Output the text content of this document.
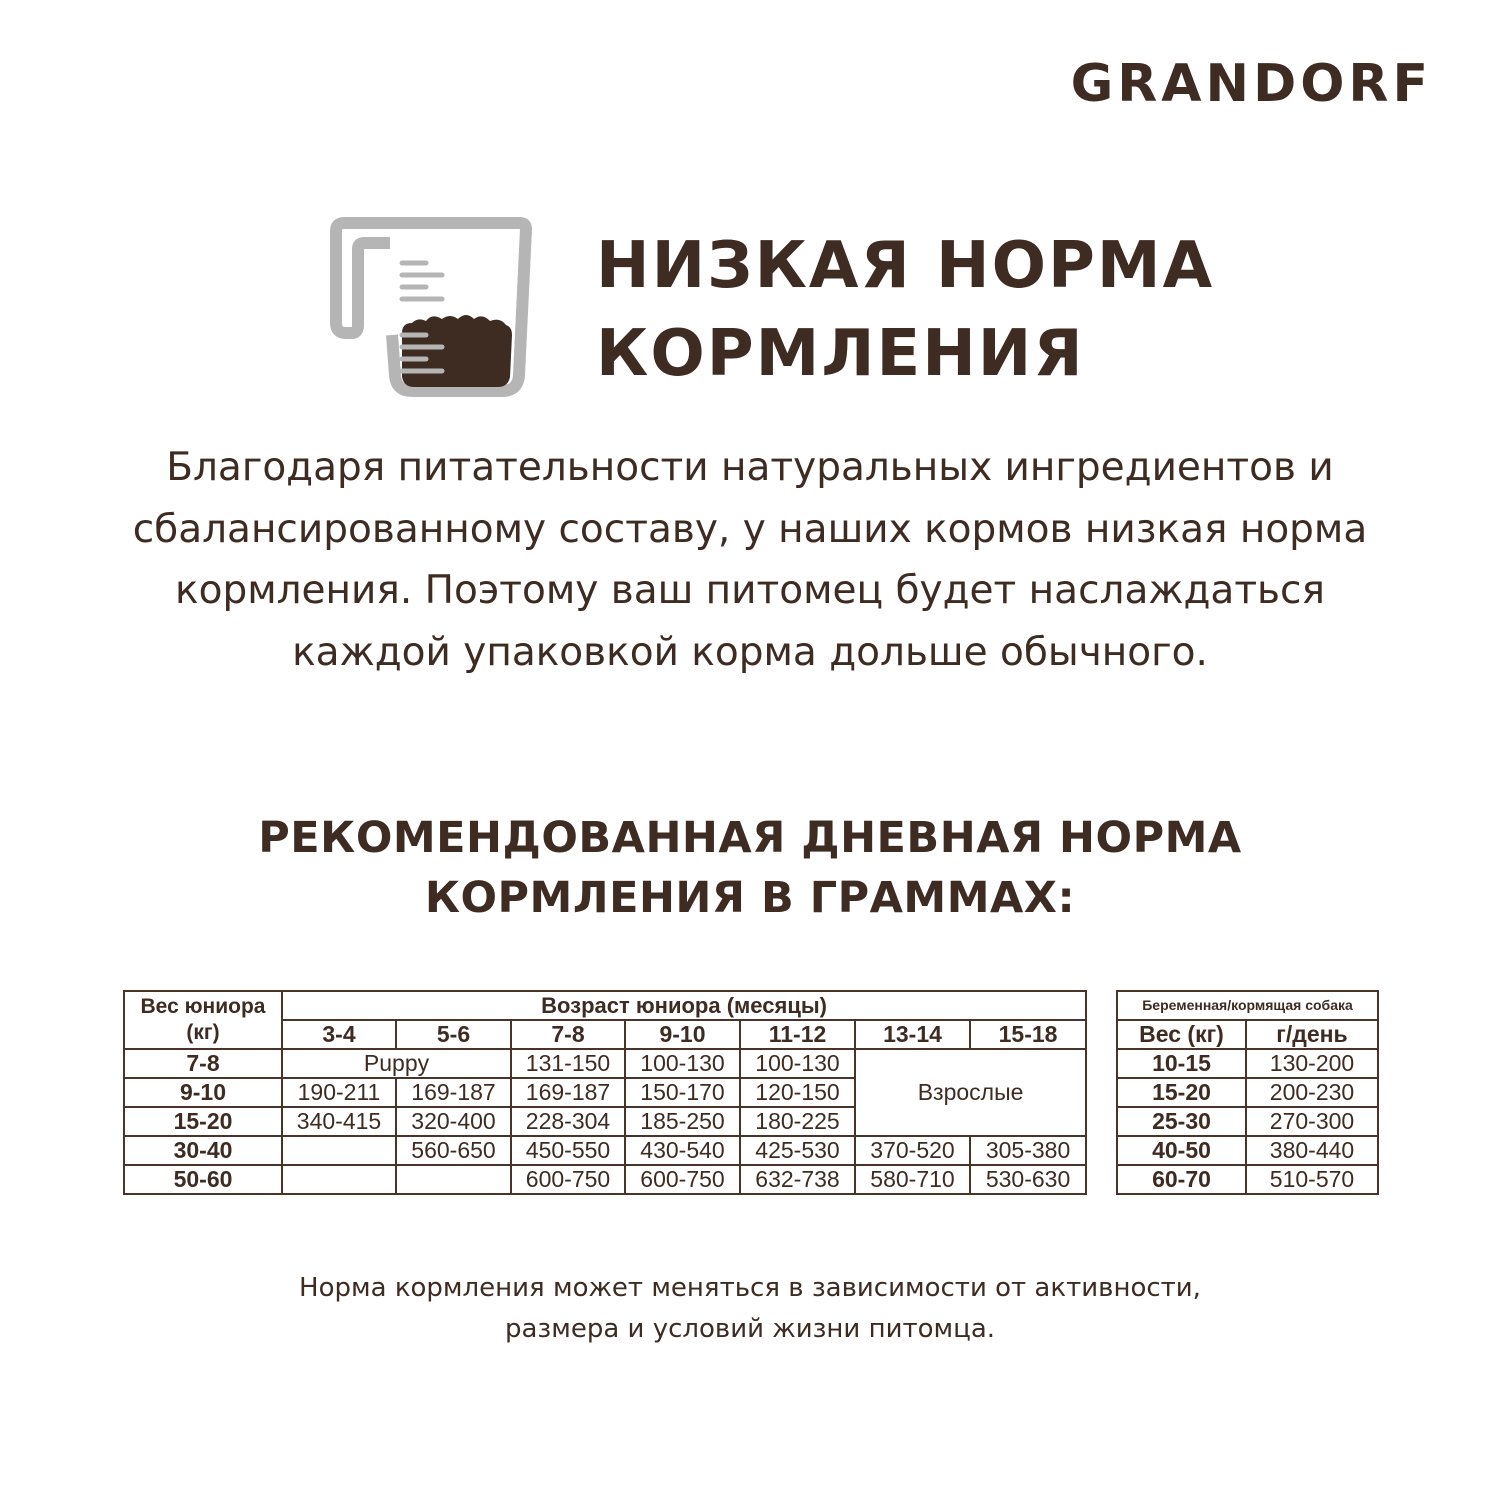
GRANDORF
НИЗКАЯ НОРМА
КОРМЛЕНИЯ
Благодаря питательности натуральных ингредиентов и
сбалансированному составу, у наших кормов низкая норма
кормления. Поэтому ваш питомец будет наслаждаться
каждой упаковкой корма дольше обычного.
РЕКОМЕНДОВАННАЯ ДНЕВНАЯ НОРМА
КОРМЛЕНИЯ В ГРАММАХ:
Вес юниора
(кг)	Возраст юниора (месяцы)						
	3-4	5-6	7-8	9-10	11-12	13-14	15-18
7-8	Puppy		131-150	100-130	100-130	Взрослые	
9-10	190-211	169-187	169-187	150-170	120-150		
15-20	340-415	320-400	228-304	185-250	180-225		
30-40		560-650	450-550	430-540	425-530	370-520	305-380
50-60			600-750	600-750	632-738	580-710	530-630
Беременная/кормящая собака	
Вес (кг)	г/день
10-15	130-200
15-20	200-230
25-30	270-300
40-50	380-440
60-70	510-570
Норма кормления может меняться в зависимости от активности,
размера и условий жизни питомца.
